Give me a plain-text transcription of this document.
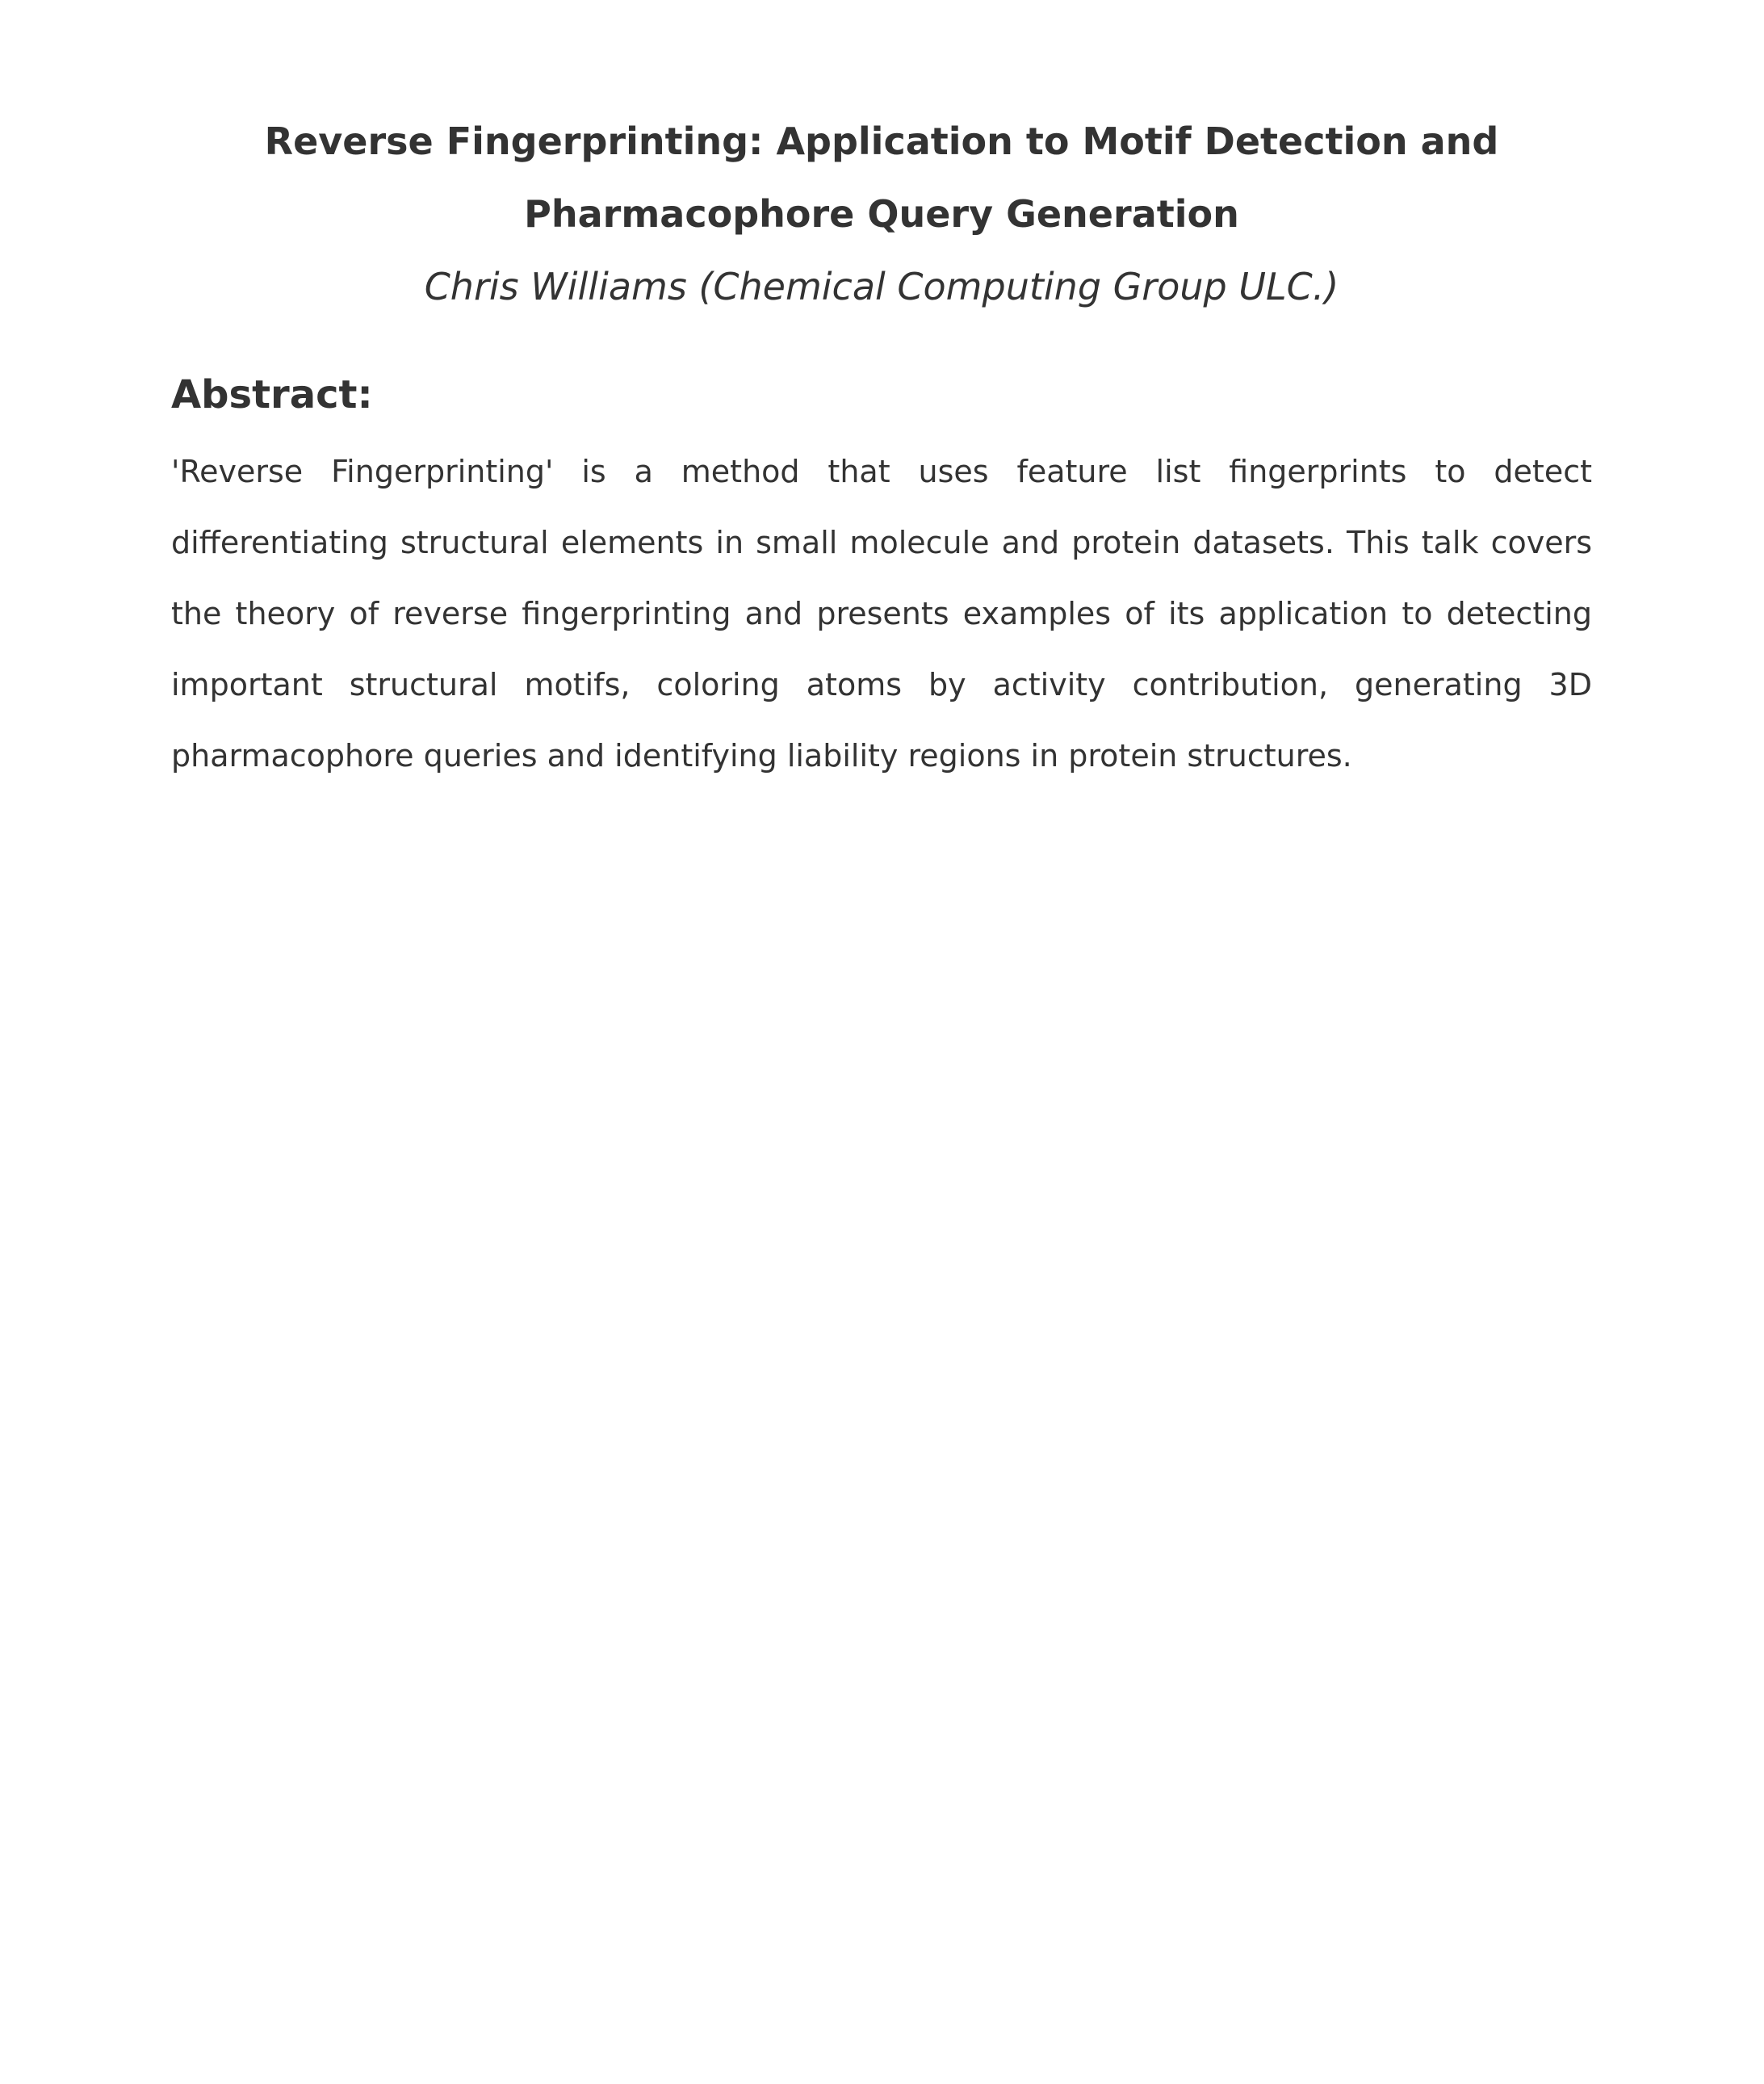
Reverse Fingerprinting: Application to Motif Detection and Pharmacophore Query Generation

Chris Williams (Chemical Computing Group ULC.)

Abstract:

'Reverse Fingerprinting' is a method that uses feature list fingerprints to detect differentiating structural elements in small molecule and protein datasets. This talk covers the theory of reverse fingerprinting and presents examples of its application to detecting important structural motifs, coloring atoms by activity contribution, generating 3D pharmacophore queries and identifying liability regions in protein structures.
